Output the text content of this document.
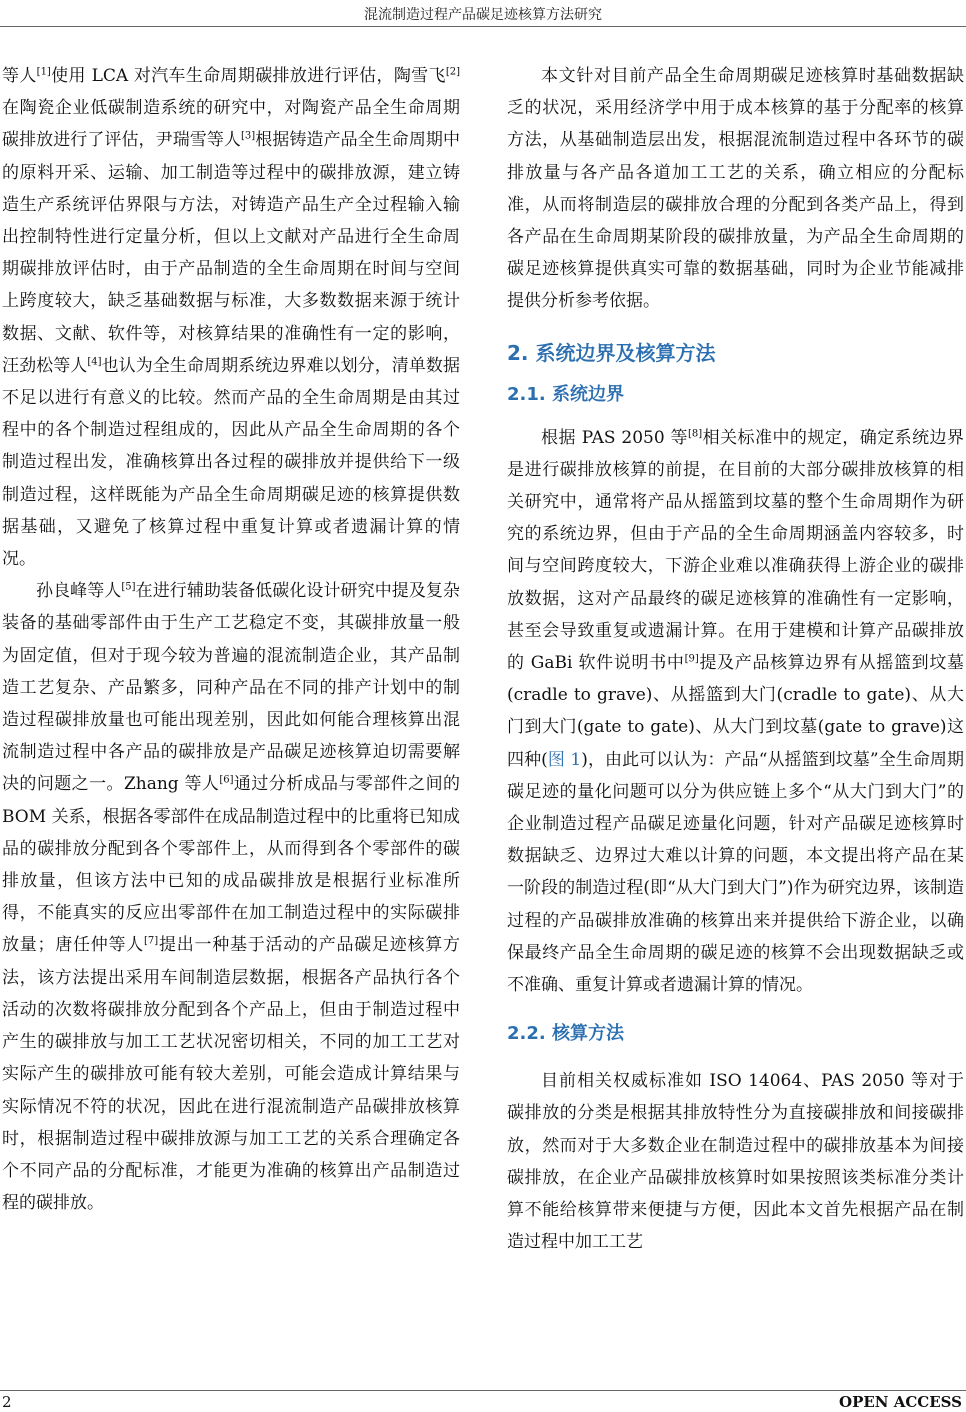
混流制造过程产品碳足迹核算方法研究

等人[1]使用 LCA 对汽车生命周期碳排放进行评估，陶雪飞[2]在陶瓷企业低碳制造系统的研究中，对陶瓷产品全生命周期碳排放进行了评估，尹瑞雪等人[3]根据铸造产品全生命周期中的原料开采、运输、加工制造等过程中的碳排放源，建立铸造生产系统评估界限与方法，对铸造产品生产全过程输入输出控制特性进行定量分析，但以上文献对产品进行全生命周期碳排放评估时，由于产品制造的全生命周期在时间与空间上跨度较大，缺乏基础数据与标准，大多数数据来源于统计数据、文献、软件等，对核算结果的准确性有一定的影响，汪劲松等人[4]也认为全生命周期系统边界难以划分，清单数据不足以进行有意义的比较。然而产品的全生命周期是由其过程中的各个制造过程组成的，因此从产品全生命周期的各个制造过程出发，准确核算出各过程的碳排放并提供给下一级制造过程，这样既能为产品全生命周期碳足迹的核算提供数据基础，又避免了核算过程中重复计算或者遗漏计算的情况。

孙良峰等人[5]在进行辅助装备低碳化设计研究中提及复杂装备的基础零部件由于生产工艺稳定不变，其碳排放量一般为固定值，但对于现今较为普遍的混流制造企业，其产品制造工艺复杂、产品繁多，同种产品在不同的排产计划中的制造过程碳排放量也可能出现差别，因此如何能合理核算出混流制造过程中各产品的碳排放是产品碳足迹核算迫切需要解决的问题之一。Zhang 等人[6]通过分析成品与零部件之间的 BOM 关系，根据各零部件在成品制造过程中的比重将已知成品的碳排放分配到各个零部件上，从而得到各个零部件的碳排放量，但该方法中已知的成品碳排放是根据行业标准所得，不能真实的反应出零部件在加工制造过程中的实际碳排放量；唐任仲等人[7]提出一种基于活动的产品碳足迹核算方法，该方法提出采用车间制造层数据，根据各产品执行各个活动的次数将碳排放分配到各个产品上，但由于制造过程中产生的碳排放与加工工艺状况密切相关，不同的加工工艺对实际产生的碳排放可能有较大差别，可能会造成计算结果与实际情况不符的状况，因此在进行混流制造产品碳排放核算时，根据制造过程中碳排放源与加工工艺的关系合理确定各个不同产品的分配标准，才能更为准确的核算出产品制造过程的碳排放。

本文针对目前产品全生命周期碳足迹核算时基础数据缺乏的状况，采用经济学中用于成本核算的基于分配率的核算方法，从基础制造层出发，根据混流制造过程中各环节的碳排放量与各产品各道加工工艺的关系，确立相应的分配标准，从而将制造层的碳排放合理的分配到各类产品上，得到各产品在生命周期某阶段的碳排放量，为产品全生命周期的碳足迹核算提供真实可靠的数据基础，同时为企业节能减排提供分析参考依据。

2. 系统边界及核算方法
2.1. 系统边界

根据 PAS 2050 等[8]相关标准中的规定，确定系统边界是进行碳排放核算的前提，在目前的大部分碳排放核算的相关研究中，通常将产品从摇篮到坟墓的整个生命周期作为研究的系统边界，但由于产品的全生命周期涵盖内容较多，时间与空间跨度较大，下游企业难以准确获得上游企业的碳排放数据，这对产品最终的碳足迹核算的准确性有一定影响，甚至会导致重复或遗漏计算。在用于建模和计算产品碳排放的 GaBi 软件说明书中[9]提及产品核算边界有从摇篮到坟墓(cradle to grave)、从摇篮到大门(cradle to gate)、从大门到大门(gate to gate)、从大门到坟墓(gate to grave)这四种(图 1)，由此可以认为：产品“从摇篮到坟墓”全生命周期碳足迹的量化问题可以分为供应链上多个“从大门到大门”的企业制造过程产品碳足迹量化问题，针对产品碳足迹核算时数据缺乏、边界过大难以计算的问题，本文提出将产品在某一阶段的制造过程(即“从大门到大门”)作为研究边界，该制造过程的产品碳排放准确的核算出来并提供给下游企业，以确保最终产品全生命周期的碳足迹的核算不会出现数据缺乏或不准确、重复计算或者遗漏计算的情况。

2.2. 核算方法

目前相关权威标准如 ISO 14064、PAS 2050 等对于碳排放的分类是根据其排放特性分为直接碳排放和间接碳排放，然而对于大多数企业在制造过程中的碳排放基本为间接碳排放，在企业产品碳排放核算时如果按照该类标准分类计算不能给核算带来便捷与方便，因此本文首先根据产品在制造过程中加工工艺

2	OPEN ACCESS
